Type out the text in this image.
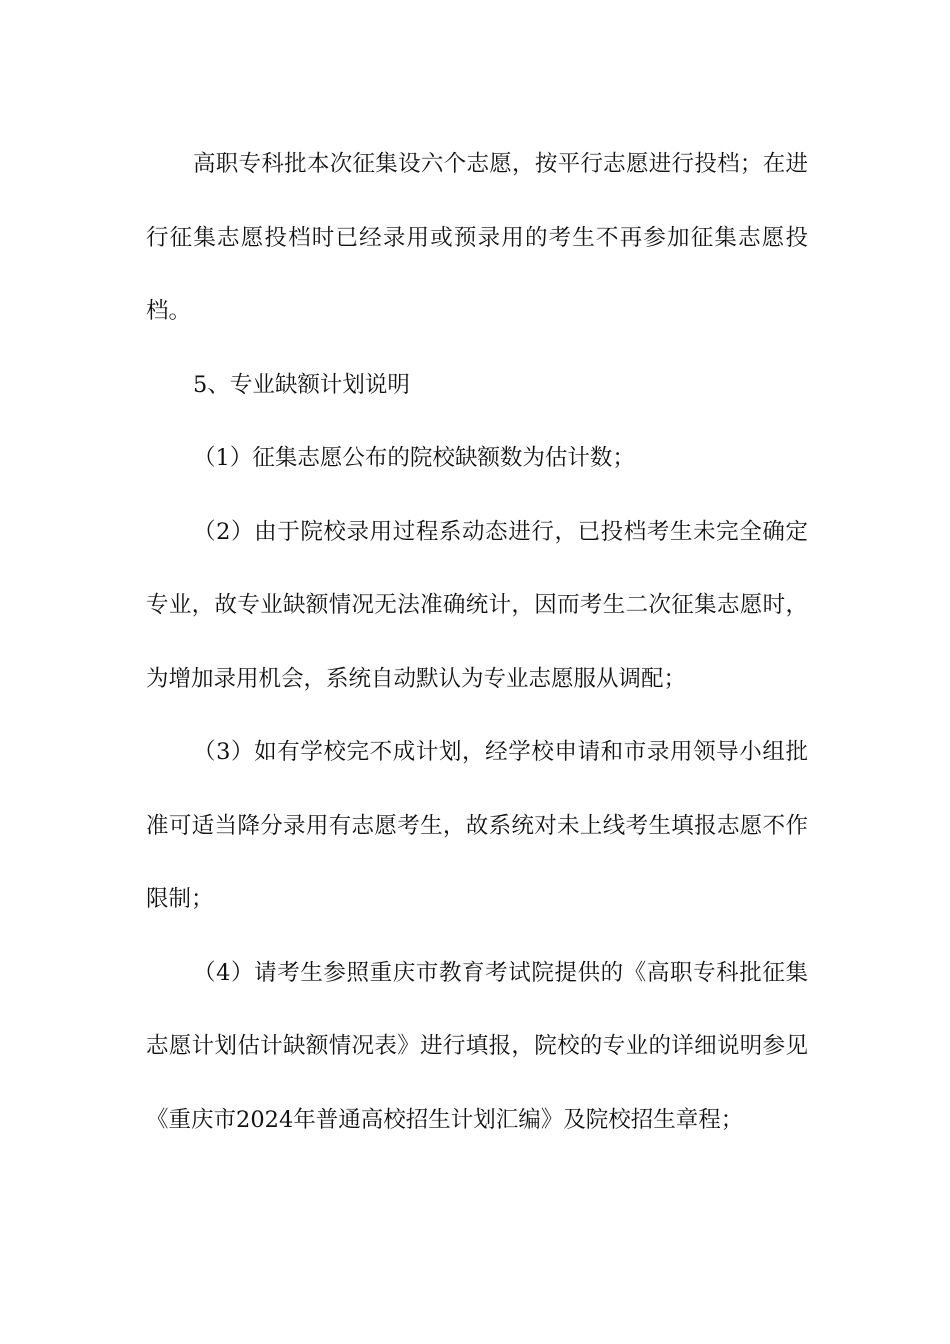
高职专科批本次征集设六个志愿，按平行志愿进行投档；在进行征集志愿投档时已经录用或预录用的考生不再参加征集志愿投档。

5、专业缺额计划说明

（1）征集志愿公布的院校缺额数为估计数；

（2）由于院校录用过程系动态进行，已投档考生未完全确定专业，故专业缺额情况无法准确统计，因而考生二次征集志愿时，为增加录用机会，系统自动默认为专业志愿服从调配；

（3）如有学校完不成计划，经学校申请和市录用领导小组批准可适当降分录用有志愿考生，故系统对未上线考生填报志愿不作限制；

（4）请考生参照重庆市教育考试院提供的《高职专科批征集志愿计划估计缺额情况表》进行填报，院校的专业的详细说明参见《重庆市2024年普通高校招生计划汇编》及院校招生章程；
